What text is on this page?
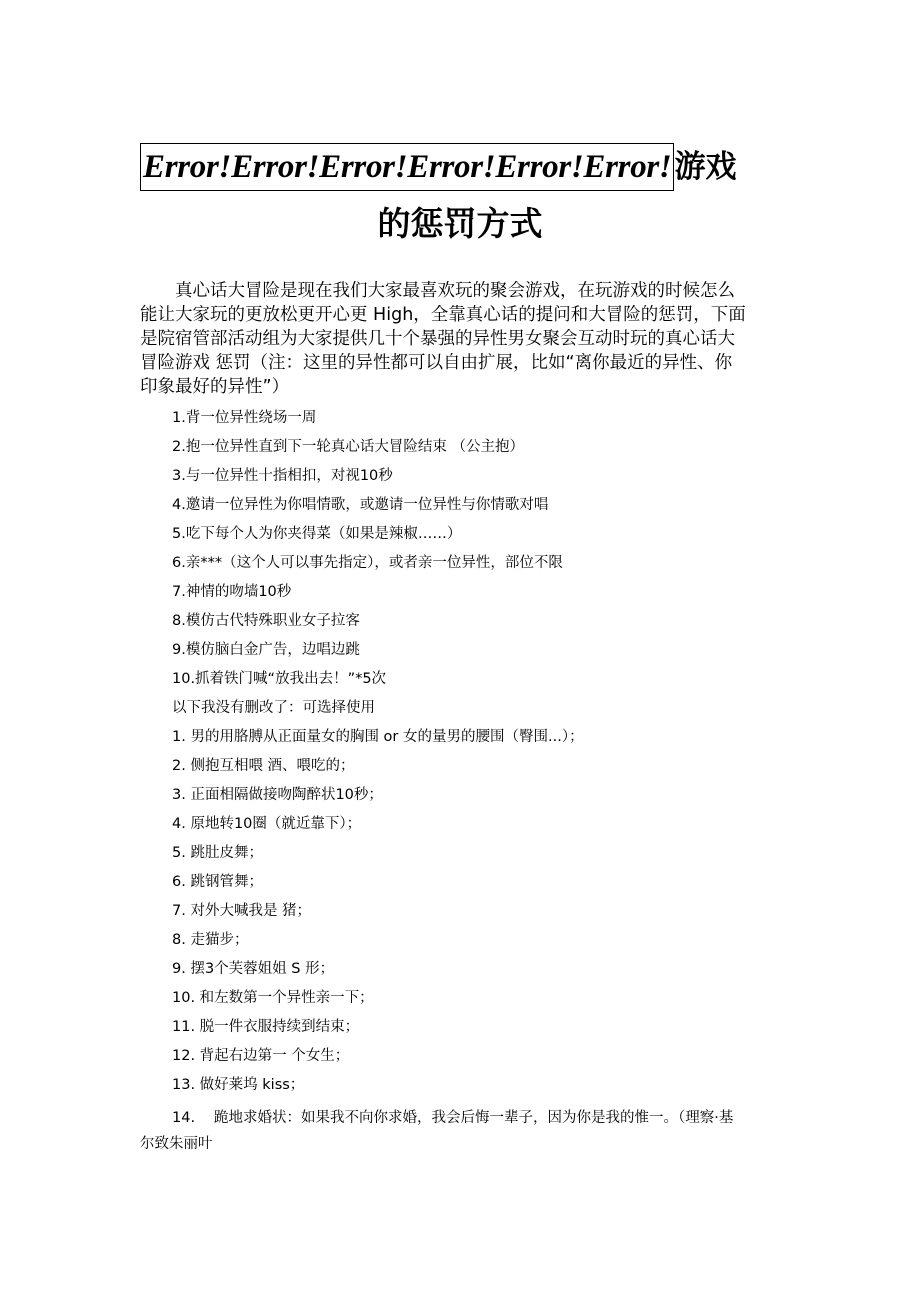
Error!Error!Error!Error!Error!Error! 游戏
的惩罚方式
真心话大冒险是现在我们大家最喜欢玩的聚会游戏，在玩游戏的时候怎么
能让大家玩的更放松更开心更 High，全靠真心话的提问和大冒险的惩罚，下面
是院宿管部活动组为大家提供几十个暴强的异性男女聚会互动时玩的真心话大
冒险游戏 惩罚（注：这里的异性都可以自由扩展，比如“离你最近的异性、你
印象最好的异性”）
1.背一位异性绕场一周
2.抱一位异性直到下一轮真心话大冒险结束 （公主抱）
3.与一位异性十指相扣，对视10秒
4.邀请一位异性为你唱情歌，或邀请一位异性与你情歌对唱
5.吃下每个人为你夹得菜（如果是辣椒……）
6.亲***（这个人可以事先指定），或者亲一位异性，部位不限
7.神情的吻墙10秒
8.模仿古代特殊职业女子拉客
9.模仿脑白金广告，边唱边跳
10.抓着铁门喊“放我出去！”*5次
以下我没有删改了：可选择使用
1. 男的用胳膊从正面量女的胸围 or 女的量男的腰围（臀围...）；
2. 侧抱互相喂 酒、喂吃的；
3. 正面相隔做接吻陶醉状10秒；
4. 原地转10圈（就近靠下）；
5. 跳肚皮舞；
6. 跳钢管舞；
7. 对外大喊我是 猪；
8. 走猫步；
9. 摆3个芙蓉姐姐 S 形；
10. 和左数第一个异性亲一下；
11. 脱一件衣服持续到结束；
12. 背起右边第一 个女生；
13. 做好莱坞 kiss；
14. 跪地求婚状：如果我不向你求婚，我会后悔一辈子，因为你是我的惟一。（理察·基
尔致朱丽叶
